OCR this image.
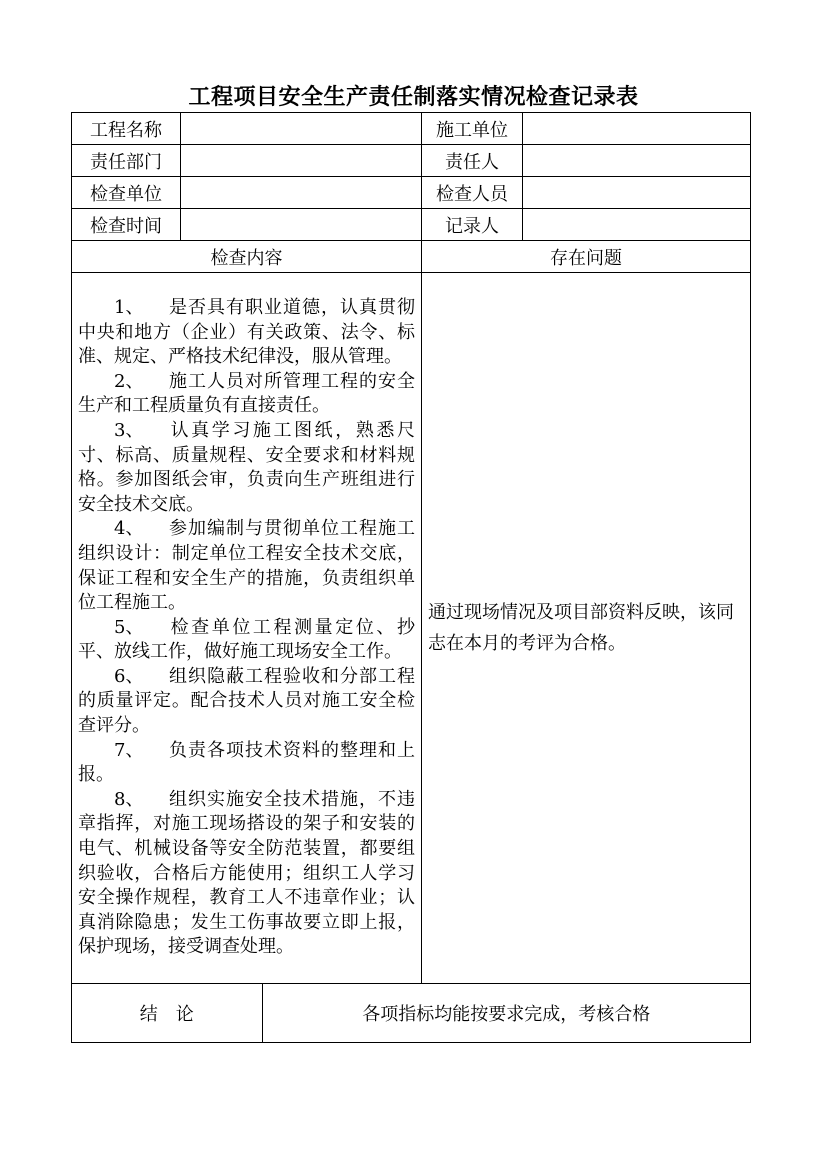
工程项目安全生产责任制落实情况检查记录表
工程名称		施工单位	
责任部门		责任人	
检查单位		检查人员	
检查时间		记录人	
检查内容	存在问题

1、 是否具有职业道德，认真贯彻中央和地方（企业）有关政策、法令、标准、规定、严格技术纪律没，服从管理。

2、 施工人员对所管理工程的安全生产和工程质量负有直接责任。

3、 认真学习施工图纸，熟悉尺寸、标高、质量规程、安全要求和材料规格。参加图纸会审，负责向生产班组进行安全技术交底。

4、 参加编制与贯彻单位工程施工组织设计：制定单位工程安全技术交底，保证工程和安全生产的措施，负责组织单位工程施工。

5、 检查单位工程测量定位、抄平、放线工作，做好施工现场安全工作。

6、 组织隐蔽工程验收和分部工程的质量评定。配合技术人员对施工安全检查评分。

7、 负责各项技术资料的整理和上报。

8、 组织实施安全技术措施，不违章指挥，对施工现场搭设的架子和安装的电气、机械设备等安全防范装置，都要组织验收，合格后方能使用；组织工人学习安全操作规程，教育工人不违章作业；认真消除隐患；发生工伤事故要立即上报，保护现场，接受调查处理。

	通过现场情况及项目部资料反映，该同志在本月的考评为合格。

结　论	各项指标均能按要求完成，考核合格
